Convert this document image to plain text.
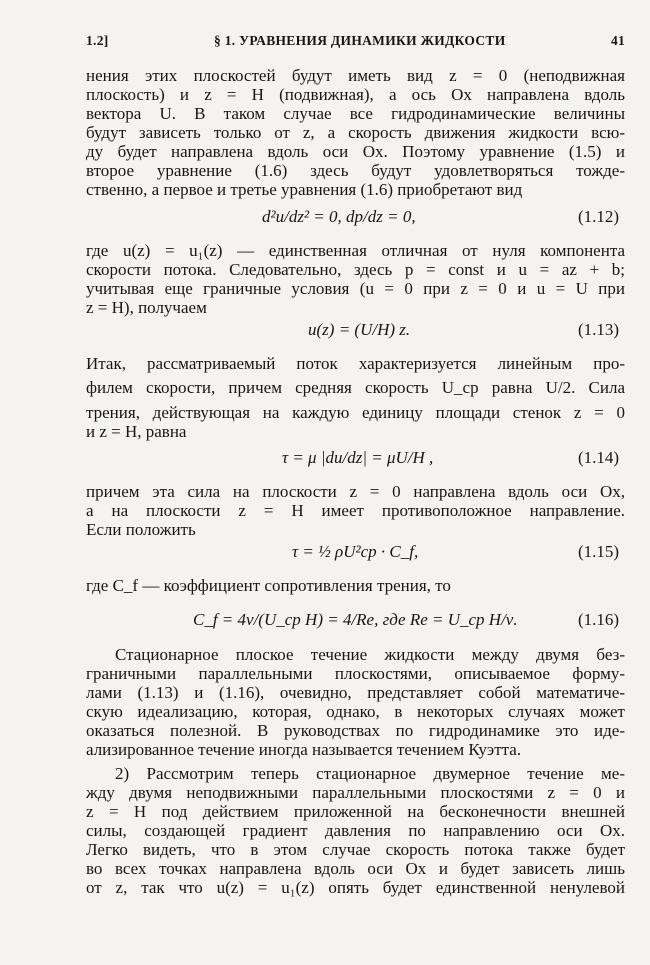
1.2]	§ 1. УРАВНЕНИЯ ДИНАМИКИ ЖИДКОСТИ	41
нения этих плоскостей будут иметь вид z = 0 (неподвижная
плоскость) и z = H (подвижная), а ось Ox направлена вдоль
вектора U. В таком случае все гидродинамические величины
будут зависеть только от z, а скорость движения жидкости всю-
ду будет направлена вдоль оси Ox. Поэтому уравнение (1.5) и
второе уравнение (1.6) здесь будут удовлетворяться тожде-
ственно, а первое и третье уравнения (1.6) приобретают вид
d²u/dz² = 0, dp/dz = 0,	(1.12)
где u(z) = u₁(z) — единственная отличная от нуля компонента
скорости потока. Следовательно, здесь p = const и u = az + b;
учитывая еще граничные условия (u = 0 при z = 0 и u = U при
z = H), получаем
u(z) = (U/H) z.	(1.13)
Итак, рассматриваемый поток характеризуется линейным про-
филем скорости, причем средняя скорость U_ср равна U/2. Сила
трения, действующая на каждую единицу площади стенок z = 0
и z = H, равна
τ = μ |du/dz| = μU/H ,	(1.14)
причем эта сила на плоскости z = 0 направлена вдоль оси Ox,
а на плоскости z = H имеет противоположное направление.
Если положить
τ = ½ ρU²ср · C_f,	(1.15)
где C_f — коэффициент сопротивления трения, то
C_f = 4ν/(U_ср H) = 4/Re, где Re = U_ср H/ν.	(1.16)
Стационарное плоское течение жидкости между двумя без-
граничными параллельными плоскостями, описываемое форму-
лами (1.13) и (1.16), очевидно, представляет собой математиче-
скую идеализацию, которая, однако, в некоторых случаях может
оказаться полезной. В руководствах по гидродинамике это иде-
ализированное течение иногда называется течением Куэтта.
2) Рассмотрим теперь стационарное двумерное течение ме-
жду двумя неподвижными параллельными плоскостями z = 0 и
z = H под действием приложенной на бесконечности внешней
силы, создающей градиент давления по направлению оси Ox.
Легко видеть, что в этом случае скорость потока также будет
во всех точках направлена вдоль оси Ox и будет зависеть лишь
от z, так что u(z) = u₁(z) опять будет единственной ненулевой
